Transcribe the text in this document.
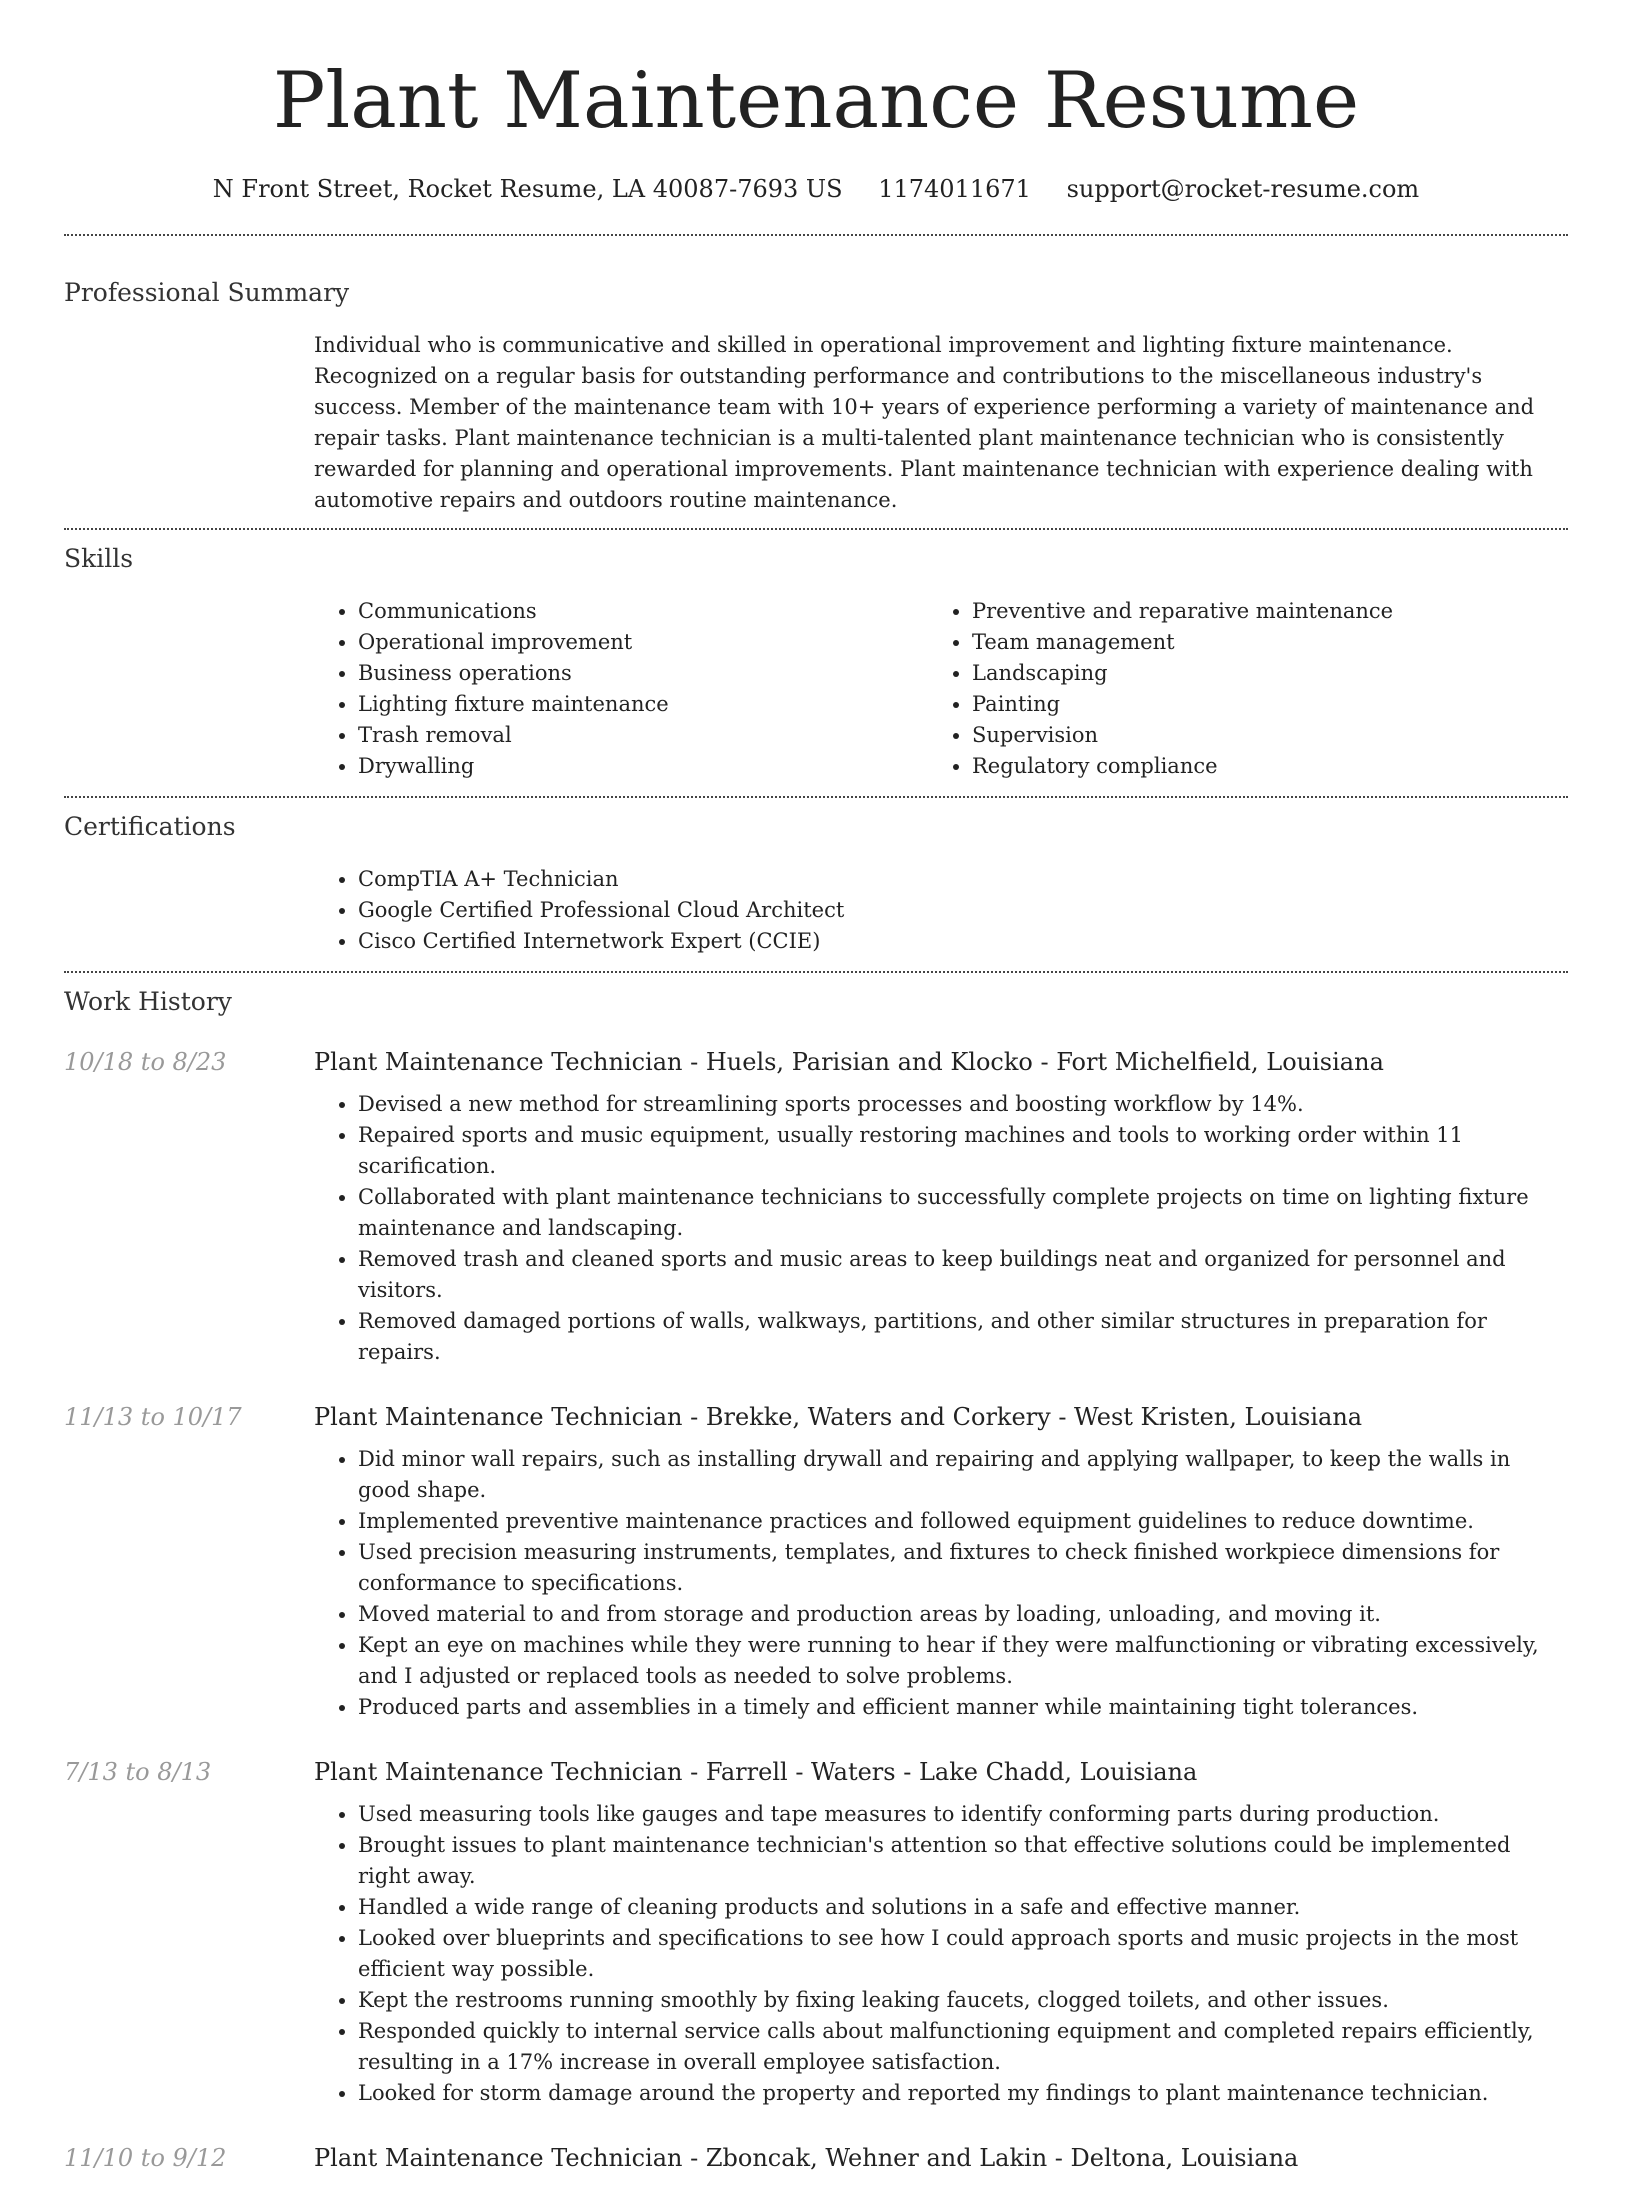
Plant Maintenance Resume
N Front Street, Rocket Resume, LA 40087-7693 US 1174011671 support@rocket-resume.com
Professional Summary
Individual who is communicative and skilled in operational improvement and lighting fixture maintenance. Recognized on a regular basis for outstanding performance and contributions to the miscellaneous industry's success. Member of the maintenance team with 10+ years of experience performing a variety of maintenance and repair tasks. Plant maintenance technician is a multi-talented plant maintenance technician who is consistently rewarded for planning and operational improvements. Plant maintenance technician with experience dealing with automotive repairs and outdoors routine maintenance.
Skills
• Communications
• Operational improvement
• Business operations
• Lighting fixture maintenance
• Trash removal
• Drywalling
• Preventive and reparative maintenance
• Team management
• Landscaping
• Painting
• Supervision
• Regulatory compliance
Certifications
• CompTIA A+ Technician
• Google Certified Professional Cloud Architect
• Cisco Certified Internetwork Expert (CCIE)
Work History
10/18 to 8/23	Plant Maintenance Technician - Huels, Parisian and Klocko - Fort Michelfield, Louisiana
• Devised a new method for streamlining sports processes and boosting workflow by 14%.
• Repaired sports and music equipment, usually restoring machines and tools to working order within 11 scarification.
• Collaborated with plant maintenance technicians to successfully complete projects on time on lighting fixture maintenance and landscaping.
• Removed trash and cleaned sports and music areas to keep buildings neat and organized for personnel and visitors.
• Removed damaged portions of walls, walkways, partitions, and other similar structures in preparation for repairs.
11/13 to 10/17	Plant Maintenance Technician - Brekke, Waters and Corkery - West Kristen, Louisiana
• Did minor wall repairs, such as installing drywall and repairing and applying wallpaper, to keep the walls in good shape.
• Implemented preventive maintenance practices and followed equipment guidelines to reduce downtime.
• Used precision measuring instruments, templates, and fixtures to check finished workpiece dimensions for conformance to specifications.
• Moved material to and from storage and production areas by loading, unloading, and moving it.
• Kept an eye on machines while they were running to hear if they were malfunctioning or vibrating excessively, and I adjusted or replaced tools as needed to solve problems.
• Produced parts and assemblies in a timely and efficient manner while maintaining tight tolerances.
7/13 to 8/13	Plant Maintenance Technician - Farrell - Waters - Lake Chadd, Louisiana
• Used measuring tools like gauges and tape measures to identify conforming parts during production.
• Brought issues to plant maintenance technician's attention so that effective solutions could be implemented right away.
• Handled a wide range of cleaning products and solutions in a safe and effective manner.
• Looked over blueprints and specifications to see how I could approach sports and music projects in the most efficient way possible.
• Kept the restrooms running smoothly by fixing leaking faucets, clogged toilets, and other issues.
• Responded quickly to internal service calls about malfunctioning equipment and completed repairs efficiently, resulting in a 17% increase in overall employee satisfaction.
• Looked for storm damage around the property and reported my findings to plant maintenance technician.
11/10 to 9/12	Plant Maintenance Technician - Zboncak, Wehner and Lakin - Deltona, Louisiana
